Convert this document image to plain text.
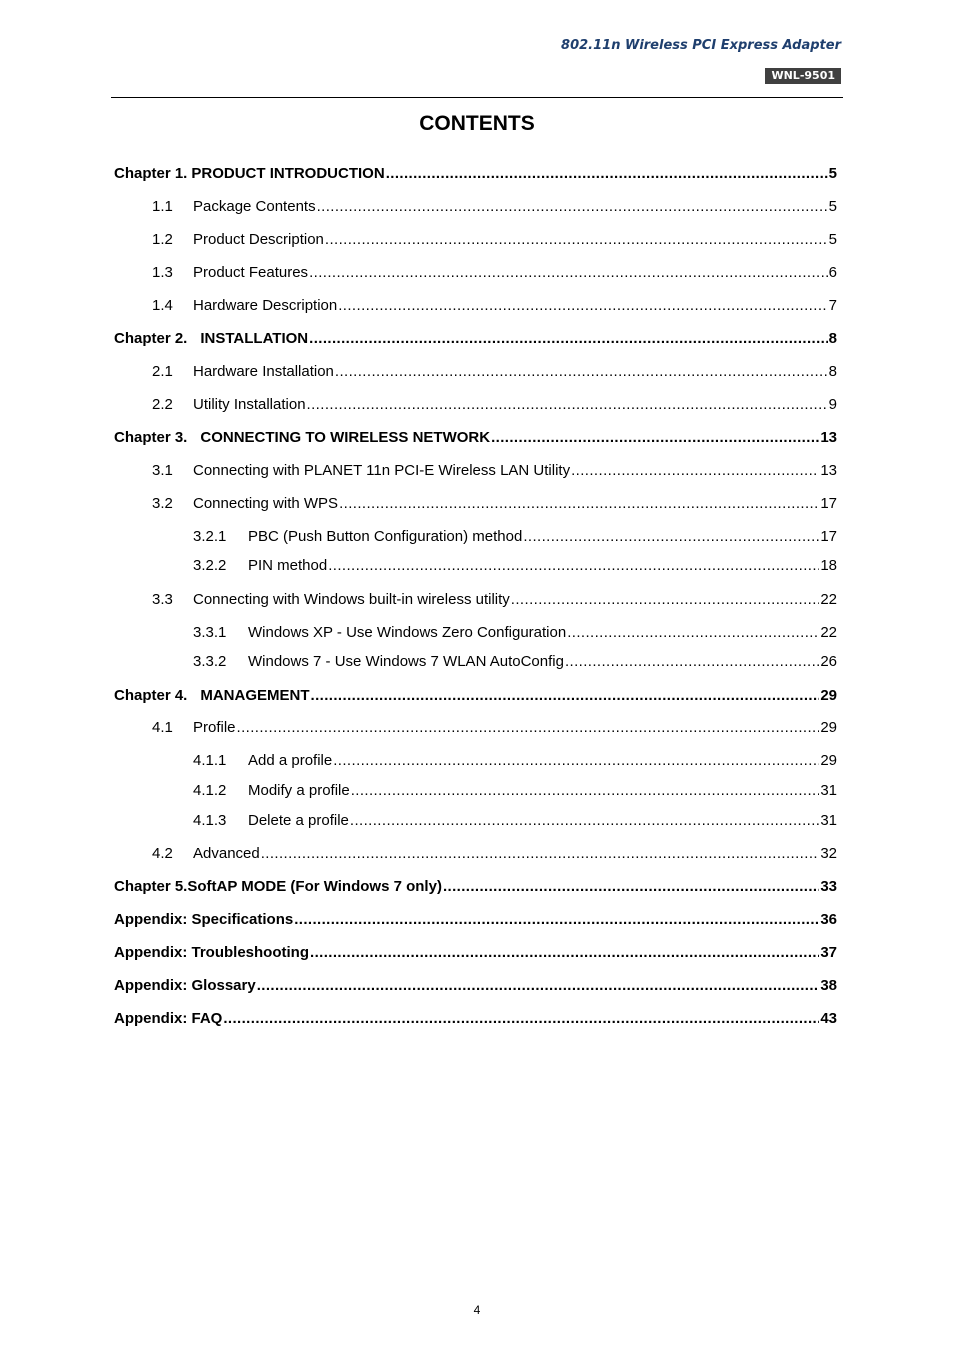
802.11n Wireless PCI Express Adapter
WNL-9501
CONTENTS
Chapter 1. PRODUCT INTRODUCTION .....	5
1.1	Package Contents .....	5
1.2	Product Description .....	5
1.3	Product Features .....	6
1.4	Hardware Description .....	7
Chapter 2. INSTALLATION .....	8
2.1	Hardware Installation .....	8
2.2	Utility Installation .....	9
Chapter 3. CONNECTING TO WIRELESS NETWORK .....	13
3.1	Connecting with PLANET 11n PCI-E Wireless LAN Utility .....	13
3.2	Connecting with WPS .....	17
3.2.1	PBC (Push Button Configuration) method .....	17
3.2.2	PIN method .....	18
3.3	Connecting with Windows built-in wireless utility .....	22
3.3.1	Windows XP - Use Windows Zero Configuration .....	22
3.3.2	Windows 7 - Use Windows 7 WLAN AutoConfig .....	26
Chapter 4. MANAGEMENT .....	29
4.1	Profile .....	29
4.1.1	Add a profile .....	29
4.1.2	Modify a profile .....	31
4.1.3	Delete a profile .....	31
4.2	Advanced .....	32
Chapter 5.SoftAP MODE (For Windows 7 only) .....	33
Appendix: Specifications .....	36
Appendix: Troubleshooting .....	37
Appendix: Glossary .....	38
Appendix: FAQ .....	43
4
